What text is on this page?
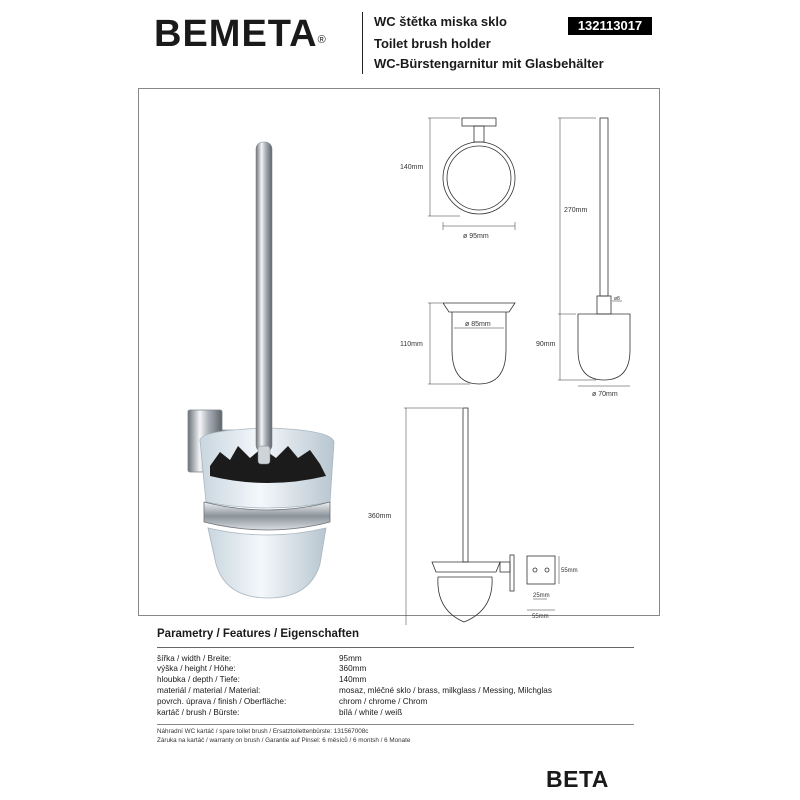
BEMETA®
WC štětka miska sklo
Toilet brush holder
WC-Bürstengarnitur mit Glasbehälter
132113017
140mm
ø 95mm
270mm
110mm
ø 85mm
90mm
ø 70mm
ø8
360mm
55mm
25mm
55mm
Parametry / Features / Eigenschaften
šířka / width / Breite:	95mm
výška / height / Höhe:	360mm
hloubka / depth / Tiefe:	140mm
materiál / material / Material:	mosaz, mléčné sklo / brass, milkglass / Messing, Milchglas
povrch. úprava / finish / Oberfläche:	chrom / chrome / Chrom
kartáč / brush / Bürste:	bílá / white / weiß
Náhradní WC kartáč / spare toilet brush / Ersatztoilettenbürste: 131567008c
Záruka na kartáč / warranty on brush / Garantie auf Pinsel: 6 měsíců / 6 montsh / 6 Monate
BETA
